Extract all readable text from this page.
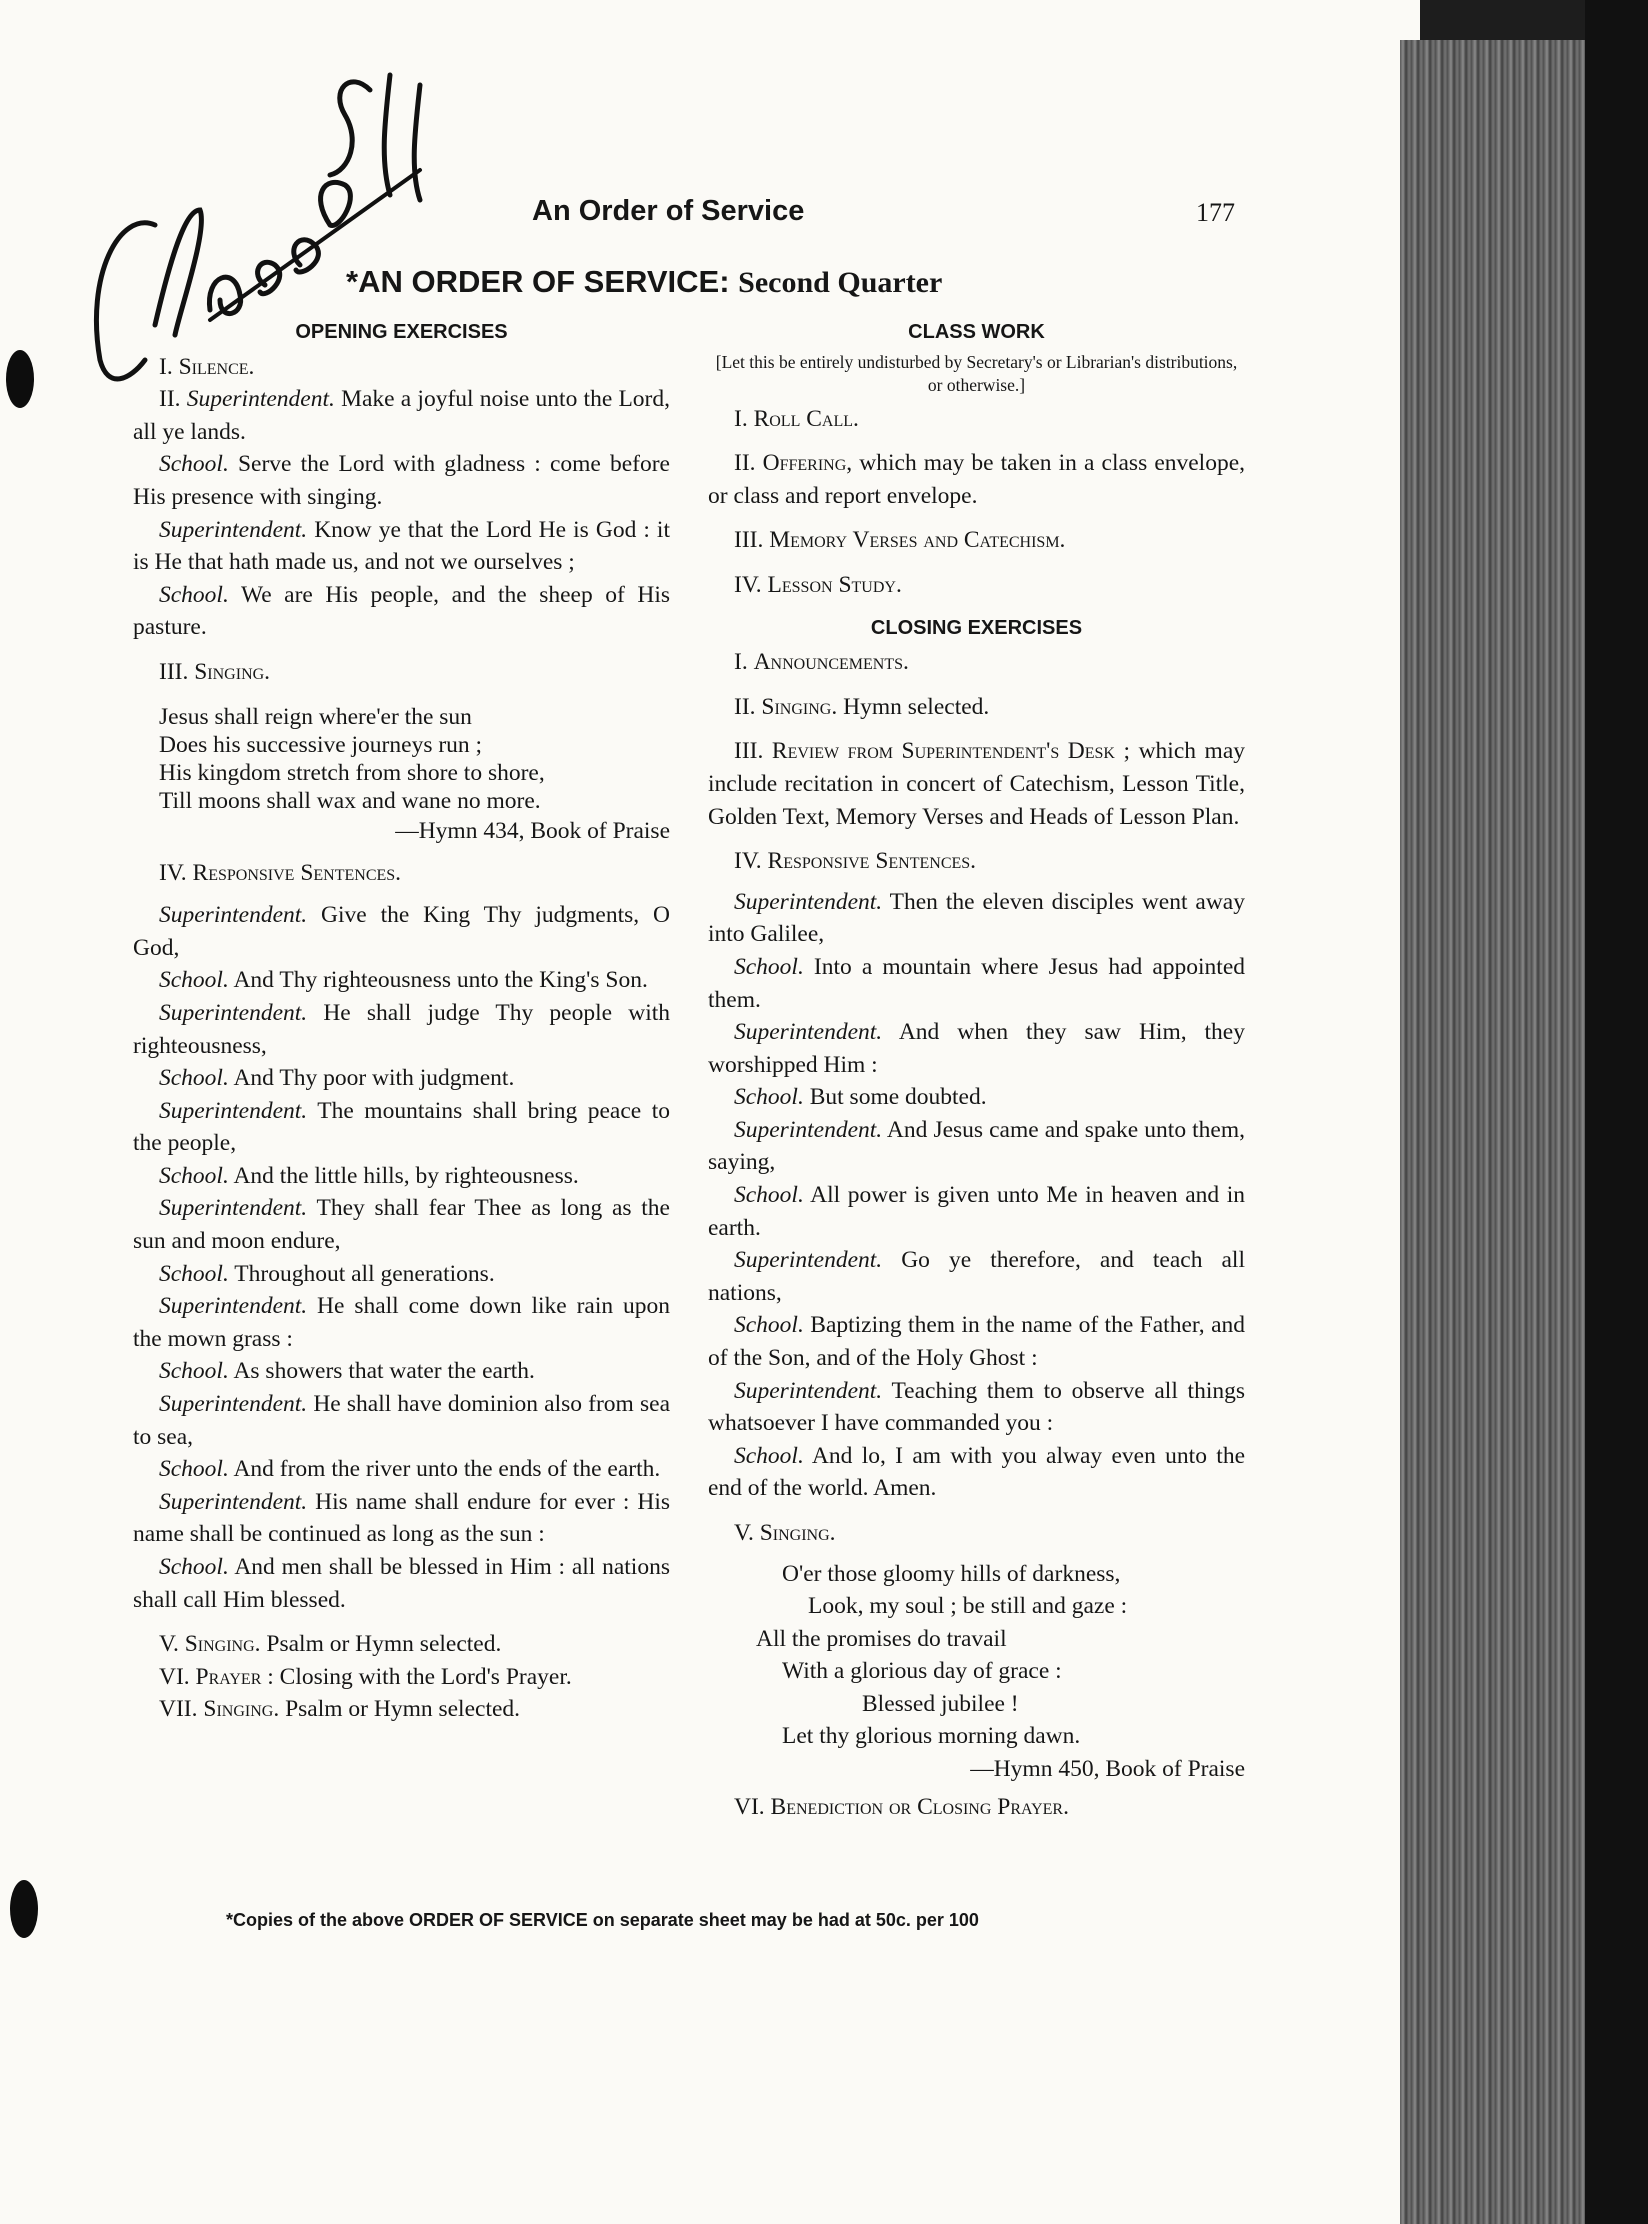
An Order of Service	177
*AN ORDER OF SERVICE: Second Quarter
OPENING EXERCISES

I. Silence.

II. Superintendent. Make a joyful noise unto the Lord, all ye lands.

School. Serve the Lord with gladness : come before His presence with singing.

Superintendent. Know ye that the Lord He is God : it is He that hath made us, and not we ourselves ;

School. We are His people, and the sheep of His pasture.

III. Singing.

Jesus shall reign where'er the sun
Does his successive journeys run ;
His kingdom stretch from shore to shore,
Till moons shall wax and wane no more.
—Hymn 434, Book of Praise

IV. Responsive Sentences.

Superintendent. Give the King Thy judgments, O God,

School. And Thy righteousness unto the King's Son.

Superintendent. He shall judge Thy people with righteousness,

School. And Thy poor with judgment.

Superintendent. The mountains shall bring peace to the people,

School. And the little hills, by righteousness.

Superintendent. They shall fear Thee as long as the sun and moon endure,

School. Throughout all generations.

Superintendent. He shall come down like rain upon the mown grass :

School. As showers that water the earth.

Superintendent. He shall have dominion also from sea to sea,

School. And from the river unto the ends of the earth.

Superintendent. His name shall endure for ever : His name shall be continued as long as the sun :

School. And men shall be blessed in Him : all nations shall call Him blessed.

V. Singing. Psalm or Hymn selected.

VI. Prayer : Closing with the Lord's Prayer.

VII. Singing. Psalm or Hymn selected.

CLASS WORK
[Let this be entirely undisturbed by Secretary's or Librarian's distributions, or otherwise.]

I. Roll Call.

II. Offering, which may be taken in a class envelope, or class and report envelope.

III. Memory Verses and Catechism.

IV. Lesson Study.

CLOSING EXERCISES

I. Announcements.

II. Singing. Hymn selected.

III. Review from Superintendent's Desk ; which may include recitation in concert of Catechism, Lesson Title, Golden Text, Memory Verses and Heads of Lesson Plan.

IV. Responsive Sentences.

Superintendent. Then the eleven disciples went away into Galilee,

School. Into a mountain where Jesus had appointed them.

Superintendent. And when they saw Him, they worshipped Him :

School. But some doubted.

Superintendent. And Jesus came and spake unto them, saying,

School. All power is given unto Me in heaven and in earth.

Superintendent. Go ye therefore, and teach all nations,

School. Baptizing them in the name of the Father, and of the Son, and of the Holy Ghost :

Superintendent. Teaching them to observe all things whatsoever I have commanded you :

School. And lo, I am with you alway even unto the end of the world. Amen.

V. Singing.

O'er those gloomy hills of darkness,
Look, my soul ; be still and gaze :
All the promises do travail
With a glorious day of grace :
Blessed jubilee !
Let thy glorious morning dawn.
—Hymn 450, Book of Praise

VI. Benediction or Closing Prayer.

*Copies of the above ORDER OF SERVICE on separate sheet may be had at 50c. per 100
